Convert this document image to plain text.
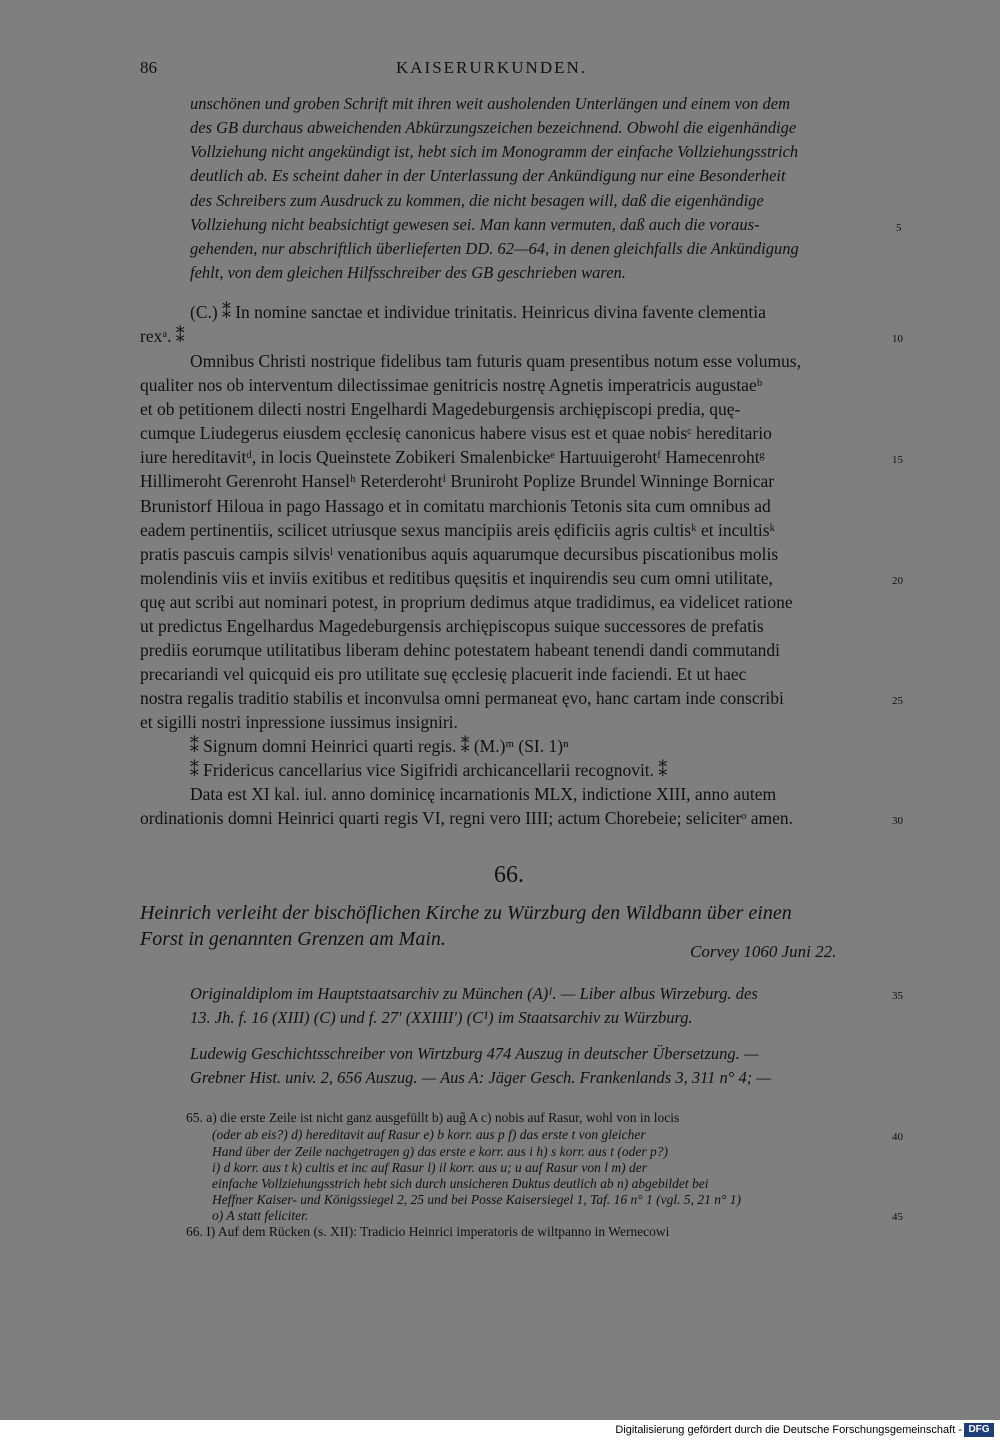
86	KAISERURKUNDEN.
unschönen und groben Schrift mit ihren weit ausholenden Unterlängen und einem von dem
des GB durchaus abweichenden Abkürzungszeichen bezeichnend. Obwohl die eigenhändige
Vollziehung nicht angekündigt ist, hebt sich im Monogramm der einfache Vollziehungsstrich
deutlich ab. Es scheint daher in der Unterlassung der Ankündigung nur eine Besonderheit
des Schreibers zum Ausdruck zu kommen, die nicht besagen will, daß die eigenhändige
Vollziehung nicht beabsichtigt gewesen sei. Man kann vermuten, daß auch die voraus-
gehenden, nur abschriftlich überlieferten DD. 62—64, in denen gleichfalls die Ankündigung
fehlt, von dem gleichen Hilfsschreiber des GB geschrieben waren.
(C.) ⁑ In nomine sanctae et individue trinitatis. Heinricus divina favente clementia
rexᵃ. ⁑
Omnibus Christi nostrique fidelibus tam futuris quam presentibus notum esse volumus,
qualiter nos ob interventum dilectissimae genitricis nostrę Agnetis imperatricis augustaeᵇ
et ob petitionem dilecti nostri Engelhardi Magedeburgensis archiępiscopi predia, quę-
cumque Liudegerus eiusdem ęcclesię canonicus habere visus est et quae nobisᶜ hereditario
iure hereditavitᵈ, in locis Queinstete Zobikeri Smalenbickeᵉ Hartuuigerohtᶠ Hamecenrohtᵍ
Hillimeroht Gerenroht Hanselʰ Reterderohtⁱ Bruniroht Poplize Brundel Winninge Bornicar
Brunistorf Hiloua in pago Hassago et in comitatu marchionis Tetonis sita cum omnibus ad
eadem pertinentiis, scilicet utriusque sexus mancipiis areis ędificiis agris cultisᵏ et incultisᵏ
pratis pascuis campis silvisˡ venationibus aquis aquarumque decursibus piscationibus molis
molendinis viis et inviis exitibus et reditibus quęsitis et inquirendis seu cum omni utilitate,
quę aut scribi aut nominari potest, in proprium dedimus atque tradidimus, ea videlicet ratione
ut predictus Engelhardus Magedeburgensis archiępiscopus suique successores de prefatis
prediis eorumque utilitatibus liberam dehinc potestatem habeant tenendi dandi commutandi
precariandi vel quicquid eis pro utilitate suę ęcclesię placuerit inde faciendi. Et ut haec
nostra regalis traditio stabilis et inconvulsa omni permaneat ęvo, hanc cartam inde conscribi
et sigilli nostri inpressione iussimus insigniri.
⁑ Signum domni Heinrici quarti regis. ⁑ (M.)ᵐ (SI. 1)ⁿ
⁑ Fridericus cancellarius vice Sigifridi archicancellarii recognovit. ⁑
Data est XI kal. iul. anno dominicę incarnationis MLX, indictione XIII, anno autem
ordinationis domni Heinrici quarti regis VI, regni vero IIII; actum Chorebeie; seliciterᵒ amen.
66.
Heinrich verleiht der bischöflichen Kirche zu Würzburg den Wildbann über einen
Forst in genannten Grenzen am Main.
Corvey 1060 Juni 22.
Originaldiplom im Hauptstaatsarchiv zu München (A)ᴵ. — Liber albus Wirzeburg. des
13. Jh. f. 16 (XIII) (C) und f. 27′ (XXIIII′) (C¹) im Staatsarchiv zu Würzburg.
Ludewig Geschichtsschreiber von Wirtzburg 474 Auszug in deutscher Übersetzung. —
Grebner Hist. univ. 2, 656 Auszug. — Aus A: Jäger Gesch. Frankenlands 3, 311 n° 4; —
65. a) die erste Zeile ist nicht ganz ausgefüllt b) aug̃ A c) nobis auf Rasur, wohl von in locis
(oder ab eis?) d) hereditavit auf Rasur e) b korr. aus p f) das erste t von gleicher
Hand über der Zeile nachgetragen g) das erste e korr. aus i h) s korr. aus t (oder p?)
i) d korr. aus t k) cultis et inc auf Rasur l) il korr. aus u; u auf Rasur von l m) der
einfache Vollziehungsstrich hebt sich durch unsicheren Duktus deutlich ab n) abgebildet bei
Heffner Kaiser- und Königssiegel 2, 25 und bei Posse Kaisersiegel 1, Taf. 16 n° 1 (vgl. 5, 21 n° 1)
o) A statt feliciter.
66. I) Auf dem Rücken (s. XII): Tradicio Heinrici imperatoris de wiltpanno in Wernecowi
5
10
15
20
25
30
35
40
45
Digitalisierung gefördert durch die Deutsche Forschungsgemeinschaft - DFG
